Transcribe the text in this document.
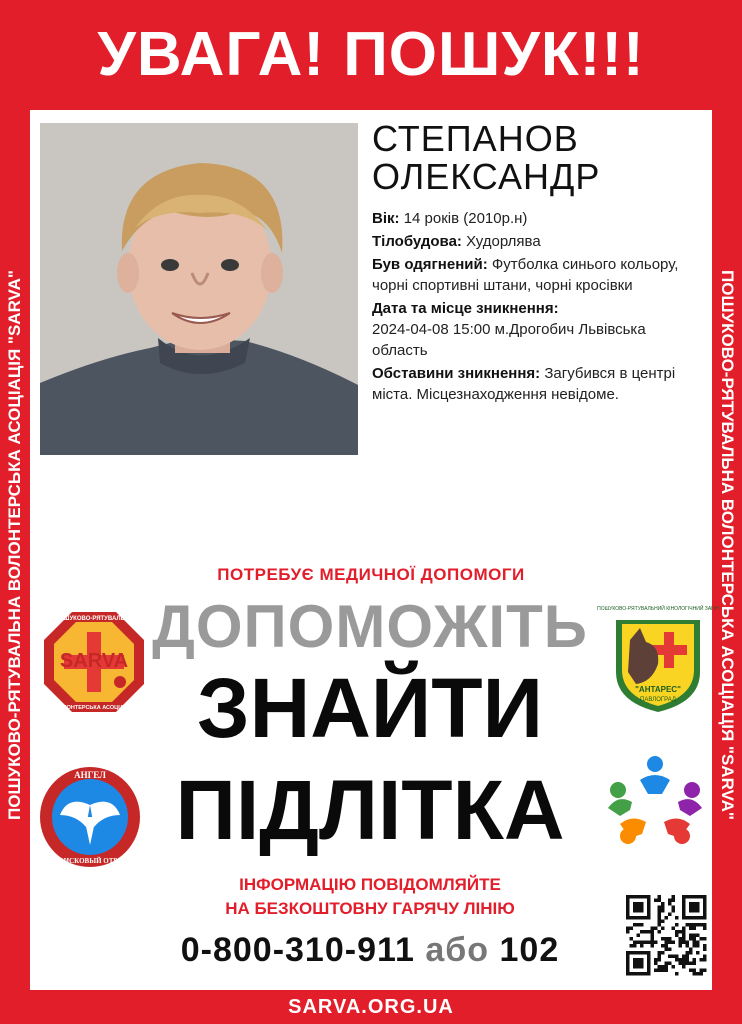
УВАГА! ПОШУК!!!
ПОШУКОВО-РЯТУВАЛЬНА ВОЛОНТЕРСЬКА АСОЦІАЦІЯ "SARVA"	ПОШУКОВО-РЯТУВАЛЬНА ВОЛОНТЕРСЬКА АСОЦІАЦІЯ "SARVA"
СТЕПАНОВ
ОЛЕКСАНДР
Вік: 14 років (2010р.н)
Тілобудова: Худорлява
Був одягнений: Футболка синього кольору, чорні спортивні штани, чорні кросівки
Дата та місце зникнення:
2024-04-08 15:00 м.Дрогобич Львівська область
Обставини зникнення: Загубився в центрі міста. Місцезнаходження невідоме.
ПОТРЕБУЄ МЕДИЧНОЇ ДОПОМОГИ
ДОПОМОЖІТЬ
ЗНАЙТИ
ПІДЛІТКА
ІНФОРМАЦІЮ ПОВІДОМЛЯЙТЕ
НА БЕЗКОШТОВНУ ГАРЯЧУ ЛІНІЮ
0-800-310-911 або 102
SARVA
ПОШУКОВО-РЯТУВАЛЬНА
ВОЛОНТЕРСЬКА АСОЦІАЦІЯ
ПОШУКОВО-РЯТУВАЛЬНИЙ КІНОЛОГІЧНИЙ ЗАГІН
"АНТАРЕС"
ПАВЛОГРАД
АНГЕЛ
ПОИСКОВЫЙ ОТРЯД
SARVA.ORG.UA
